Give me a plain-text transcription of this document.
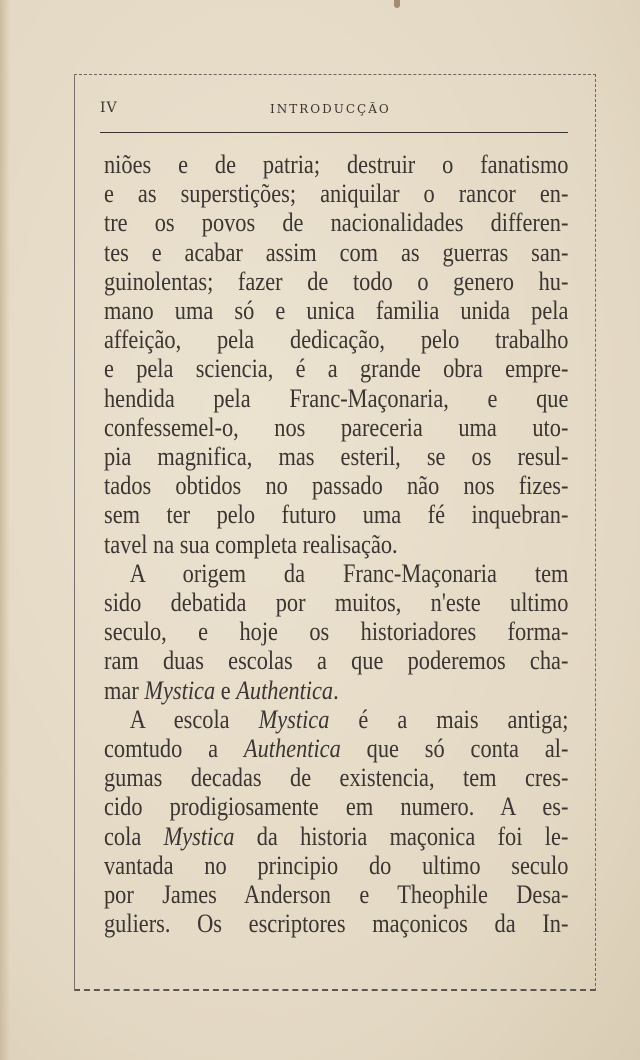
IV	INTRODUCÇÃO
niões e de patria; destruir o fanatismo
e as superstições; aniquilar o rancor en-
tre os povos de nacionalidades differen-
tes e acabar assim com as guerras san-
guinolentas; fazer de todo o genero hu-
mano uma só e unica familia unida pela
affeição, pela dedicação, pelo trabalho
e pela sciencia, é a grande obra empre-
hendida pela Franc-Maçonaria, e que
confessemel-o, nos pareceria uma uto-
pia magnifica, mas esteril, se os resul-
tados obtidos no passado não nos fizes-
sem ter pelo futuro uma fé inquebran-
tavel na sua completa realisação.
A origem da Franc-Maçonaria tem
sido debatida por muitos, n'este ultimo
seculo, e hoje os historiadores forma-
ram duas escolas a que poderemos cha-
mar Mystica e Authentica.
A escola Mystica é a mais antiga;
comtudo a Authentica que só conta al-
gumas decadas de existencia, tem cres-
cido prodigiosamente em numero. A es-
cola Mystica da historia maçonica foi le-
vantada no principio do ultimo seculo
por James Anderson e Theophile Desa-
guliers. Os escriptores maçonicos da In-
